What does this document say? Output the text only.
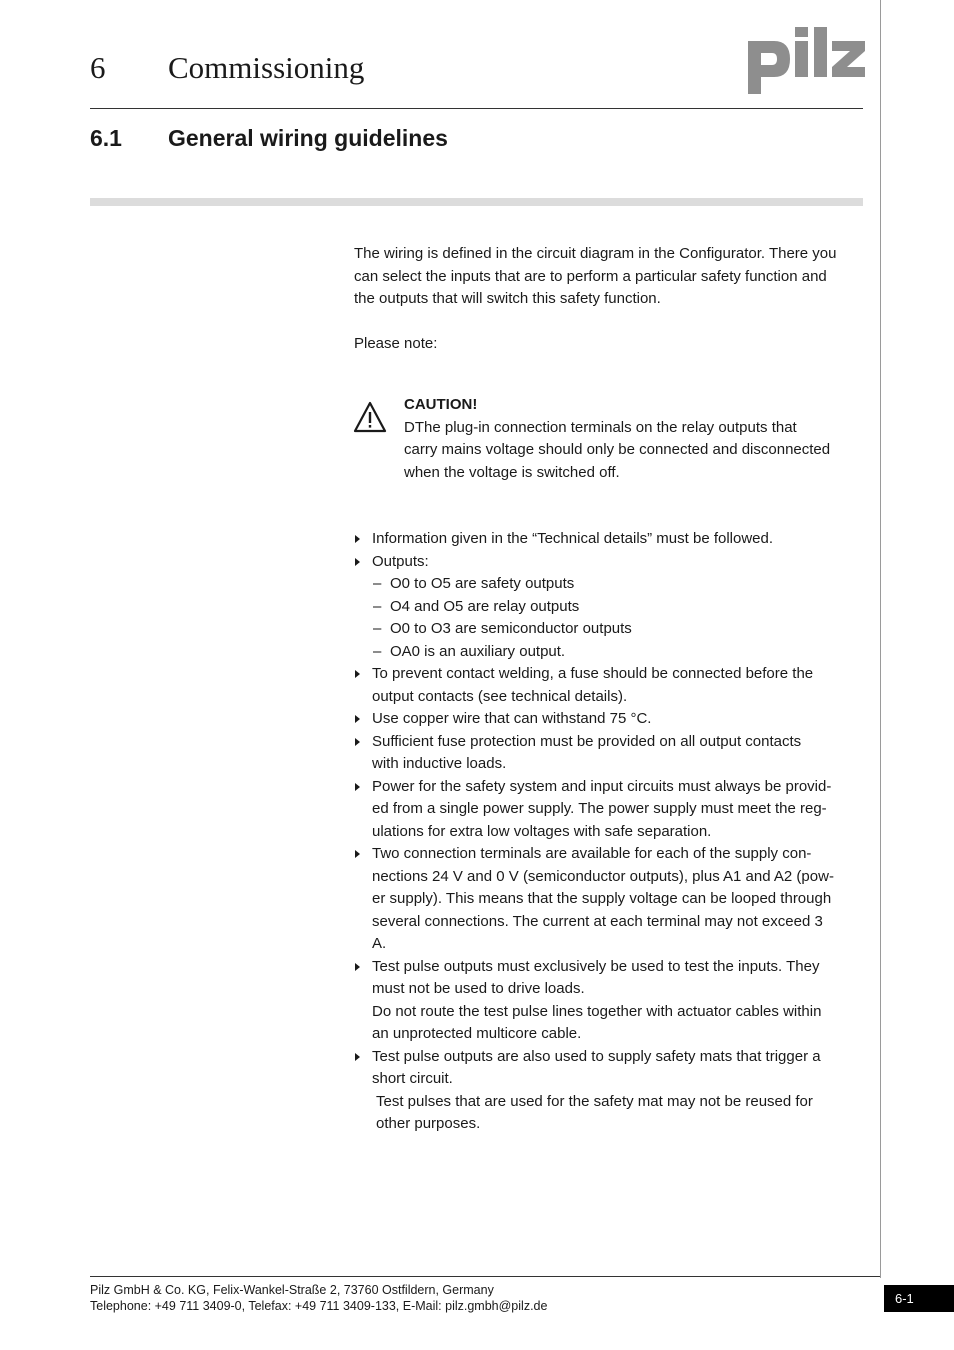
6 Commissioning
6.1 General wiring guidelines
The wiring is defined in the circuit diagram in the Configurator. There you
can select the inputs that are to perform a particular safety function and
the outputs that will switch this safety function.
Please note:
CAUTION!
DThe plug-in connection terminals on the relay outputs that
carry mains voltage should only be connected and disconnected
when the voltage is switched off.
Information given in the “Technical details” must be followed.
Outputs:
– O0 to O5 are safety outputs
– O4 and O5 are relay outputs
– O0 to O3 are semiconductor outputs
– OA0 is an auxiliary output.
To prevent contact welding, a fuse should be connected before the
output contacts (see technical details).
Use copper wire that can withstand 75 °C.
Sufficient fuse protection must be provided on all output contacts
with inductive loads.
Power for the safety system and input circuits must always be provid-
ed from a single power supply. The power supply must meet the reg-
ulations for extra low voltages with safe separation.
Two connection terminals are available for each of the supply con-
nections 24 V and 0 V (semiconductor outputs), plus A1 and A2 (pow-
er supply). This means that the supply voltage can be looped through
several connections. The current at each terminal may not exceed 3
A.
Test pulse outputs must exclusively be used to test the inputs. They
must not be used to drive loads.
Do not route the test pulse lines together with actuator cables within
an unprotected multicore cable.
Test pulse outputs are also used to supply safety mats that trigger a
short circuit.
Test pulses that are used for the safety mat may not be reused for
other purposes.
Pilz GmbH & Co. KG, Felix-Wankel-Straße 2, 73760 Ostfildern, Germany
Telephone: +49 711 3409-0, Telefax: +49 711 3409-133, E-Mail: pilz.gmbh@pilz.de	6-1
